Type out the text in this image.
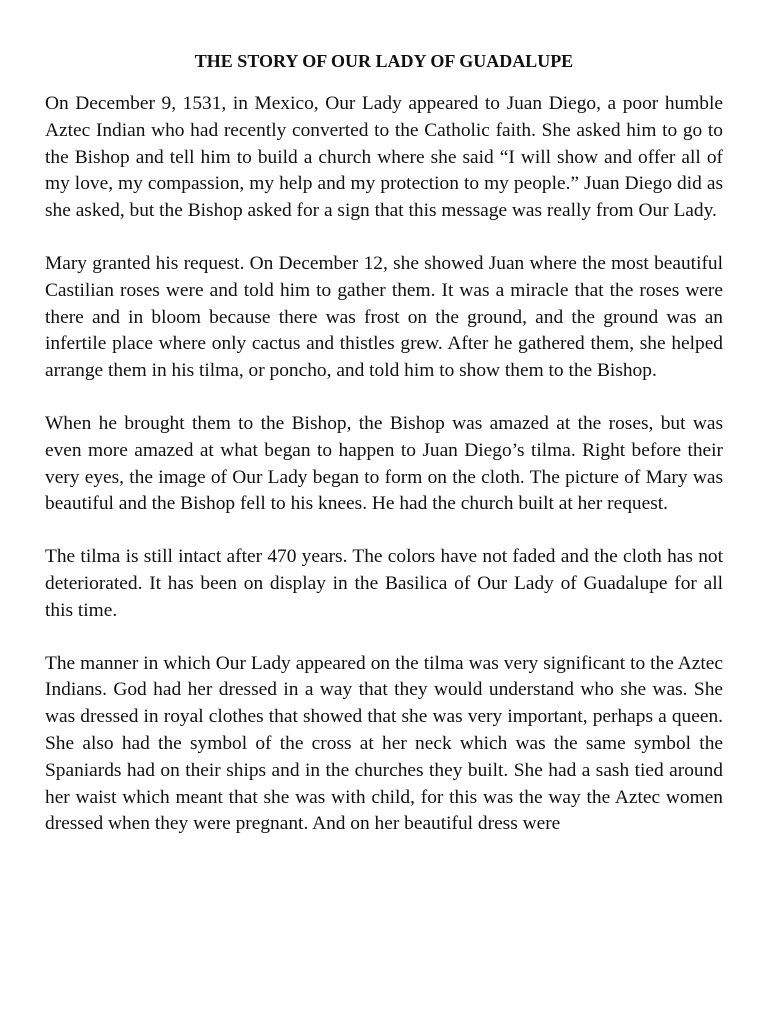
THE STORY OF OUR LADY OF GUADALUPE

On December 9, 1531, in Mexico, Our Lady appeared to Juan Diego, a poor humble Aztec Indian who had recently converted to the Catholic faith. She asked him to go to the Bishop and tell him to build a church where she said “I will show and offer all of my love, my compassion, my help and my protection to my people.” Juan Diego did as she asked, but the Bishop asked for a sign that this message was really from Our Lady.

Mary granted his request. On December 12, she showed Juan where the most beautiful Castilian roses were and told him to gather them. It was a miracle that the roses were there and in bloom because there was frost on the ground, and the ground was an infertile place where only cactus and thistles grew. After he gathered them, she helped arrange them in his tilma, or poncho, and told him to show them to the Bishop.

When he brought them to the Bishop, the Bishop was amazed at the roses, but was even more amazed at what began to happen to Juan Diego’s tilma. Right before their very eyes, the image of Our Lady began to form on the cloth. The picture of Mary was beautiful and the Bishop fell to his knees. He had the church built at her request.

The tilma is still intact after 470 years. The colors have not faded and the cloth has not deteriorated. It has been on display in the Basilica of Our Lady of Guadalupe for all this time.

The manner in which Our Lady appeared on the tilma was very significant to the Aztec Indians. God had her dressed in a way that they would understand who she was. She was dressed in royal clothes that showed that she was very important, perhaps a queen. She also had the symbol of the cross at her neck which was the same symbol the Spaniards had on their ships and in the churches they built. She had a sash tied around her waist which meant that she was with child, for this was the way the Aztec women dressed when they were pregnant. And on her beautiful dress were
